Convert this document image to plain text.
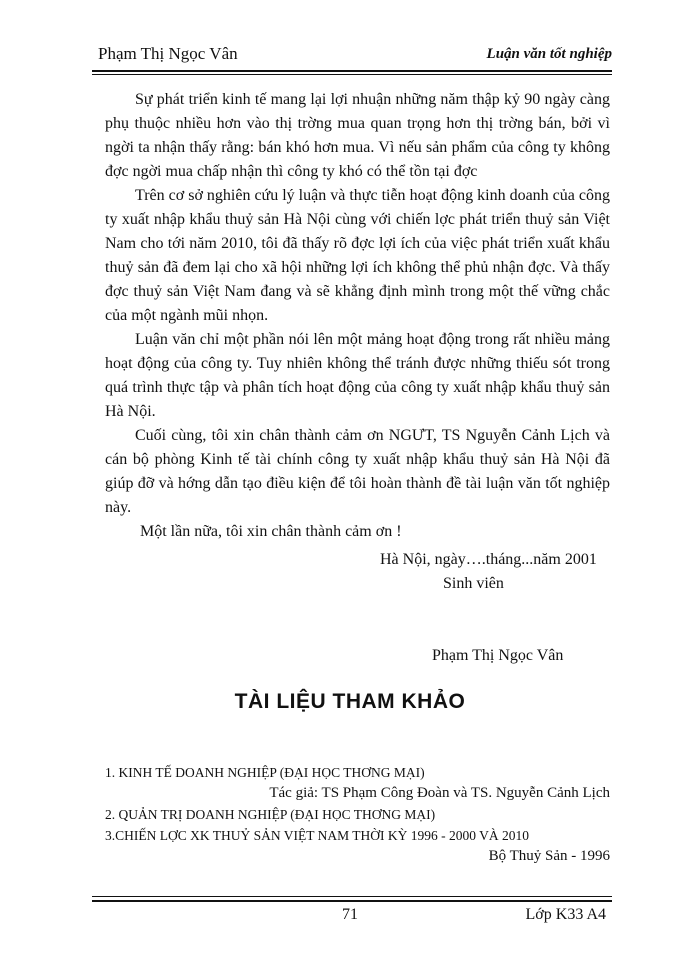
Phạm Thị Ngọc Vân	Luận văn tốt nghiệp

Sự phát triển kinh tế mang lại lợi nhuận những năm thập kỷ 90 ngày càng phụ thuộc nhiều hơn vào thị trờng mua quan trọng hơn thị trờng bán, bởi vì ngời ta nhận thấy rằng: bán khó hơn mua. Vì nếu sản phẩm của công ty không đợc ngời mua chấp nhận thì công ty khó có thể tồn tại đợc

Trên cơ sở nghiên cứu lý luận và thực tiễn hoạt động kinh doanh của công ty xuất nhập khẩu thuỷ sản Hà Nội cùng với chiến lợc phát triển thuỷ sản Việt Nam cho tới năm 2010, tôi đã thấy rõ đợc lợi ích của việc phát triển xuất khẩu thuỷ sản đã đem lại cho xã hội những lợi ích không thể phủ nhận đợc. Và thấy đợc thuỷ sản Việt Nam đang và sẽ khẳng định mình trong một thế vững chắc của một ngành mũi nhọn.

Luận văn chỉ một phần nói lên một mảng hoạt động trong rất nhiều mảng hoạt động của công ty. Tuy nhiên không thể tránh được những thiếu sót trong quá trình thực tập và phân tích hoạt động của công ty xuất nhập khẩu thuỷ sản Hà Nội.

Cuối cùng, tôi xin chân thành cảm ơn NGƯT, TS Nguyễn Cảnh Lịch và cán bộ phòng Kinh tế tài chính công ty xuất nhập khẩu thuỷ sản Hà Nội đã giúp đỡ và hớng dẫn tạo điều kiện để tôi hoàn thành đề tài luận văn tốt nghiệp này.

Một lần nữa, tôi xin chân thành cảm ơn !

Hà Nội, ngày….tháng...năm 2001
Sinh viên
Phạm Thị Ngọc Vân
TÀI LIỆU THAM KHẢO
1. KINH TẾ DOANH NGHIỆP (ĐẠI HỌC THƠNG MẠI)
Tác giả: TS Phạm Công Đoàn và TS. Nguyễn Cảnh Lịch
2. QUẢN TRỊ DOANH NGHIỆP (ĐẠI HỌC THƠNG MẠI)
3.CHIẾN LỢC XK THUỶ SẢN VIỆT NAM THỜI KỲ 1996 - 2000 VÀ 2010
Bộ Thuỷ Sản - 1996
71	Lớp K33 A4
